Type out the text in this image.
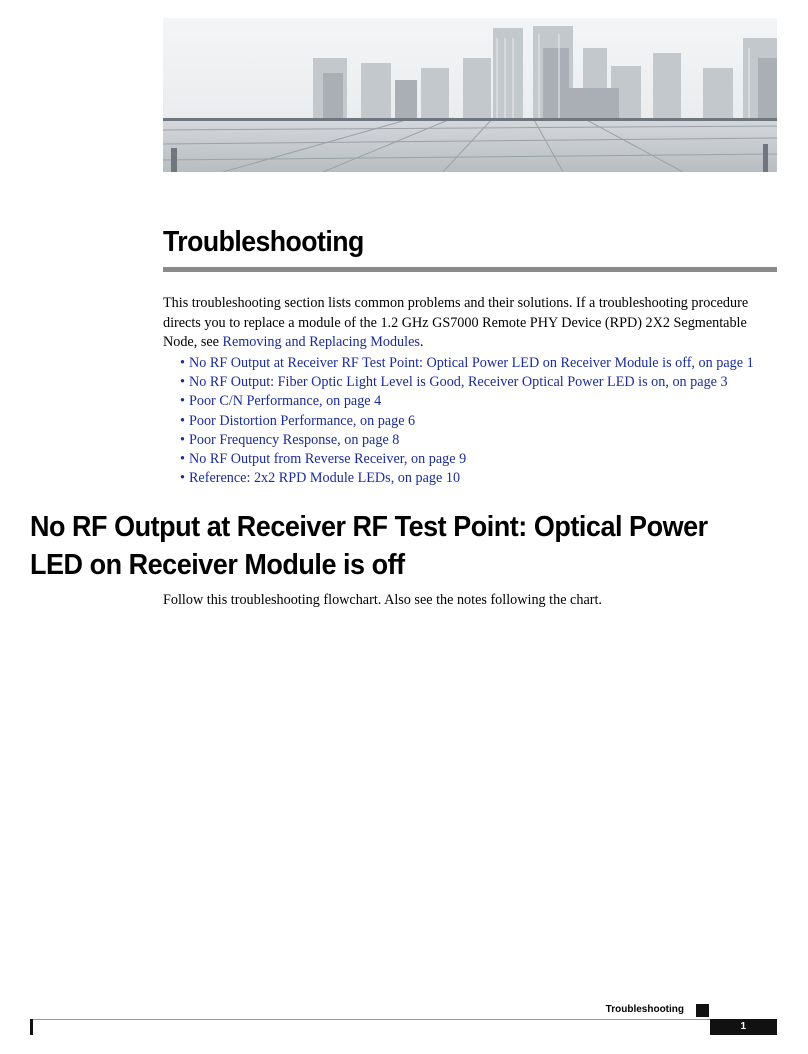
Troubleshooting

This troubleshooting section lists common problems and their solutions. If a troubleshooting procedure directs you to replace a module of the 1.2 GHz GS7000 Remote PHY Device (RPD) 2X2 Segmentable Node, see Removing and Replacing Modules.

• No RF Output at Receiver RF Test Point: Optical Power LED on Receiver Module is off, on page 1
• No RF Output: Fiber Optic Light Level is Good, Receiver Optical Power LED is on, on page 3
• Poor C/N Performance, on page 4
• Poor Distortion Performance, on page 6
• Poor Frequency Response, on page 8
• No RF Output from Reverse Receiver, on page 9
• Reference: 2x2 RPD Module LEDs, on page 10
No RF Output at Receiver RF Test Point: Optical Power LED on Receiver Module is off

Follow this troubleshooting flowchart. Also see the notes following the chart.

Troubleshooting
1
